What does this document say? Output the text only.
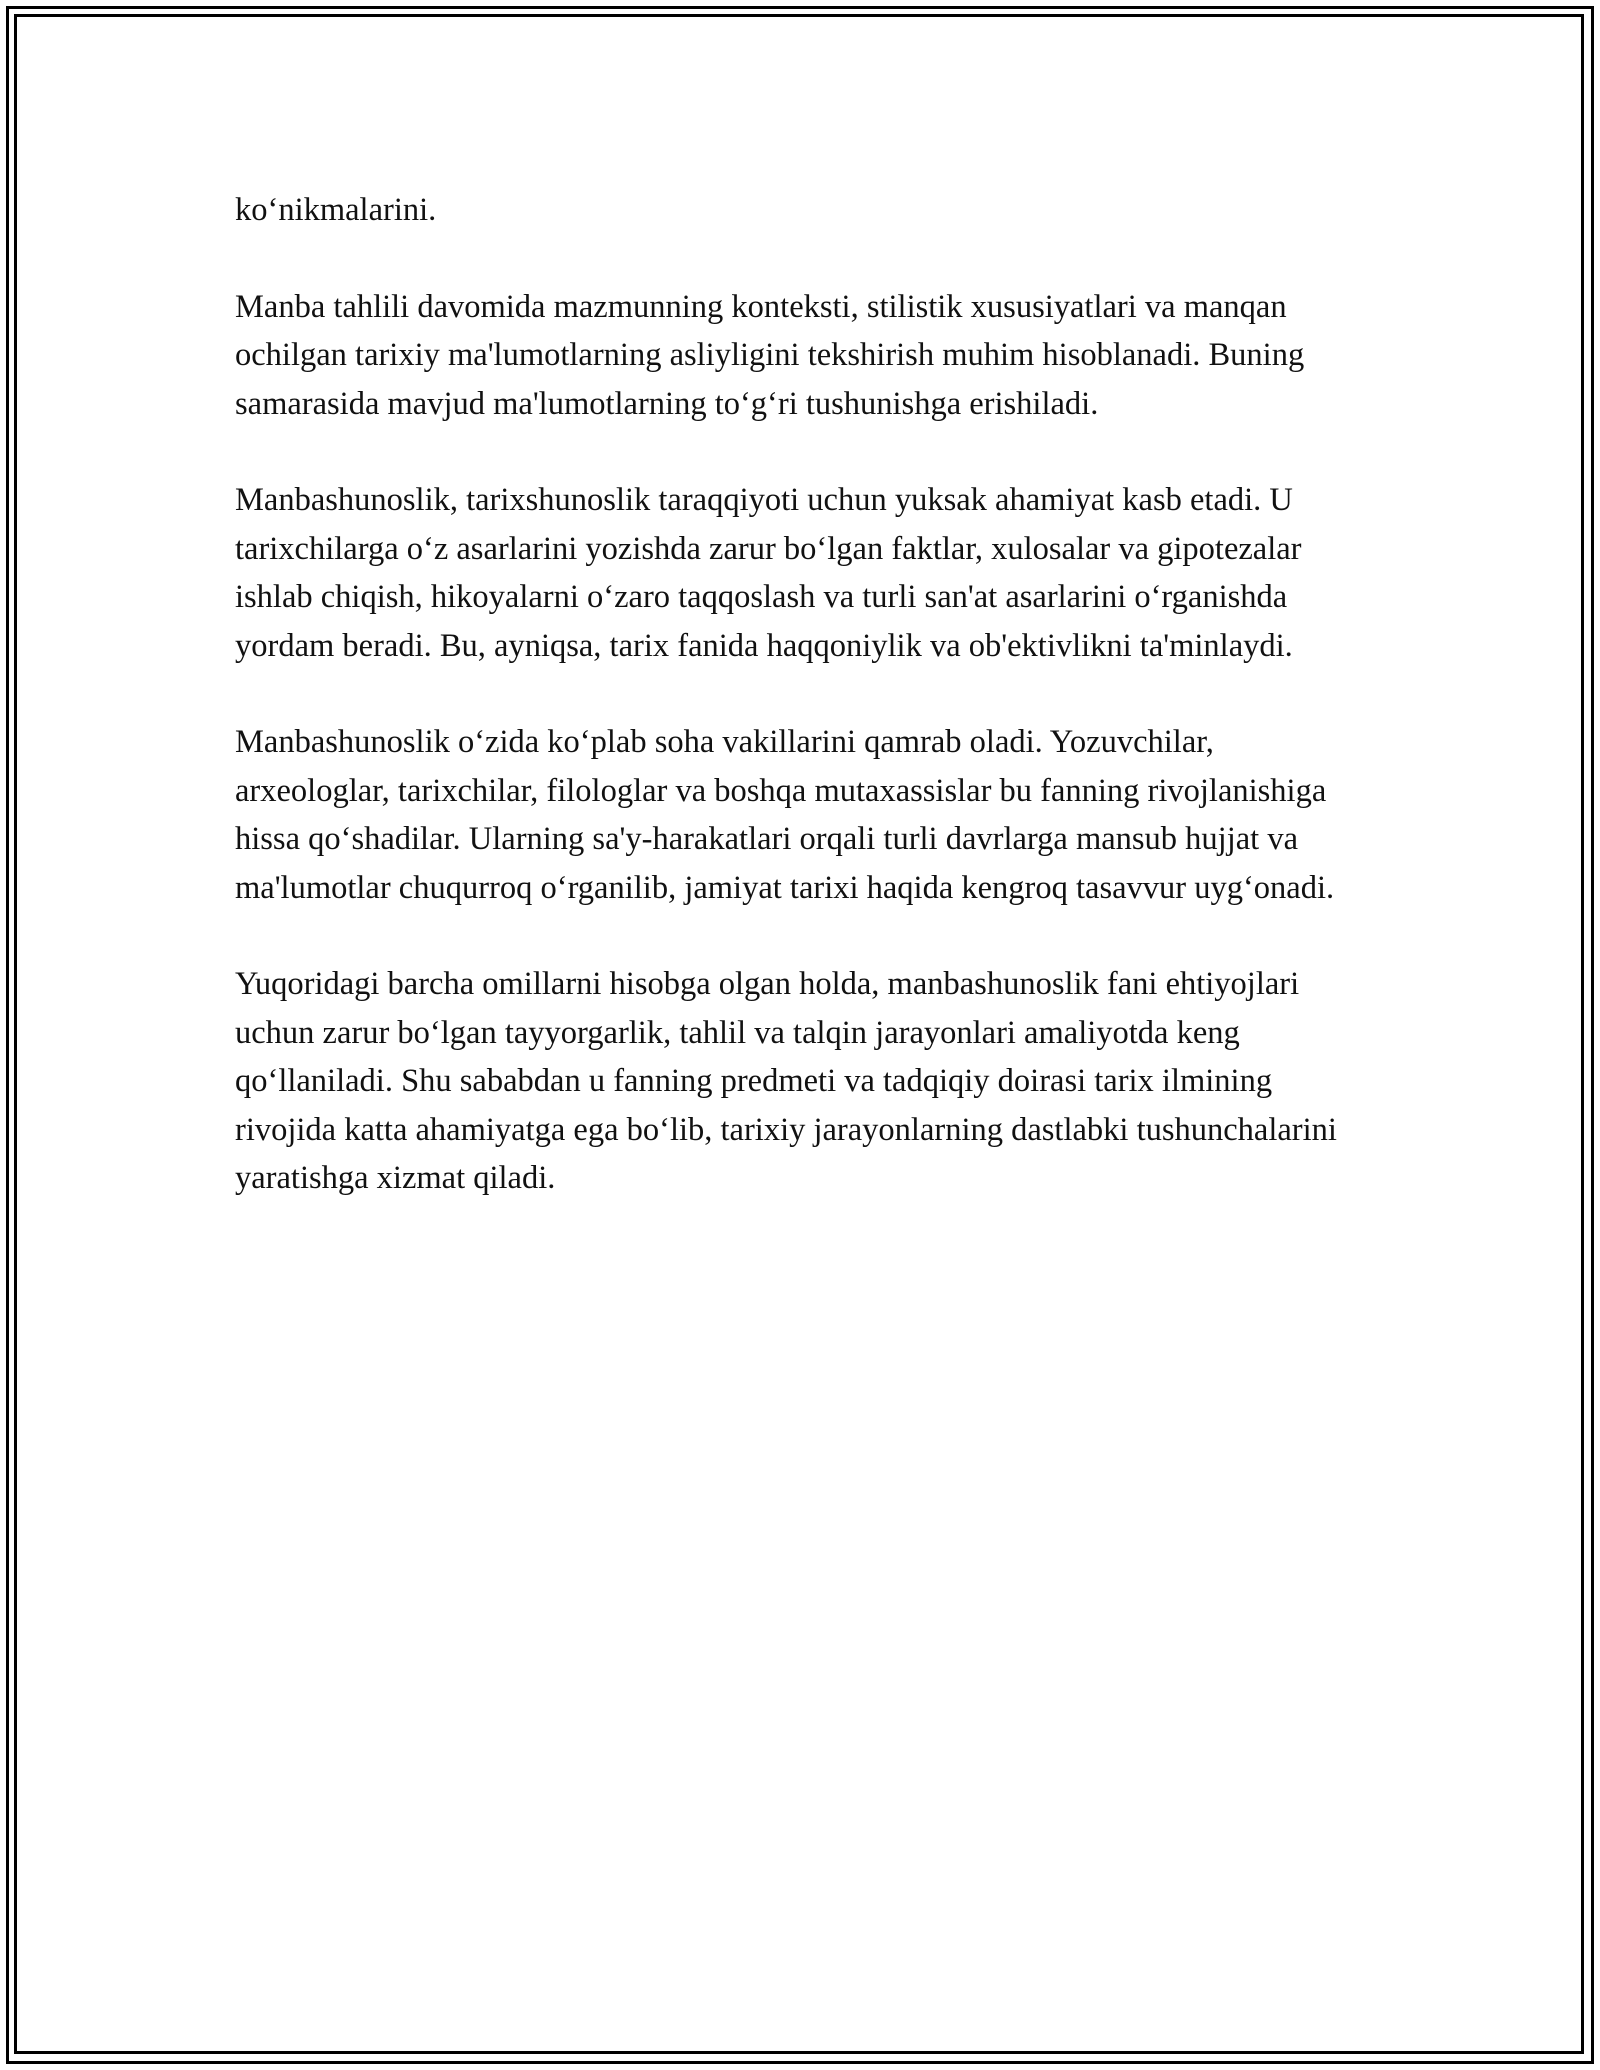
ko‘nikmalarini.

Manba tahlili davomida mazmunning konteksti, stilistik xususiyatlari va manqan ochilgan tarixiy ma'lumotlarning asliyligini tekshirish muhim hisoblanadi. Buning samarasida mavjud ma'lumotlarning to‘g‘ri tushunishga erishiladi.

Manbashunoslik, tarixshunoslik taraqqiyoti uchun yuksak ahamiyat kasb etadi. U tarixchilarga o‘z asarlarini yozishda zarur bo‘lgan faktlar, xulosalar va gipotezalar ishlab chiqish, hikoyalarni o‘zaro taqqoslash va turli san'at asarlarini o‘rganishda yordam beradi. Bu, ayniqsa, tarix fanida haqqoniylik va ob'ektivlikni ta'minlaydi.

Manbashunoslik o‘zida ko‘plab soha vakillarini qamrab oladi. Yozuvchilar, arxeologlar, tarixchilar, filologlar va boshqa mutaxassislar bu fanning rivojlanishiga hissa qo‘shadilar. Ularning sa'y-harakatlari orqali turli davrlarga mansub hujjat va ma'lumotlar chuqurroq o‘rganilib, jamiyat tarixi haqida kengroq tasavvur uyg‘onadi.

Yuqoridagi barcha omillarni hisobga olgan holda, manbashunoslik fani ehtiyojlari uchun zarur bo‘lgan tayyorgarlik, tahlil va talqin jarayonlari amaliyotda keng qo‘llaniladi. Shu sababdan u fanning predmeti va tadqiqiy doirasi tarix ilmining rivojida katta ahamiyatga ega bo‘lib, tarixiy jarayonlarning dastlabki tushunchalarini yaratishga xizmat qiladi.
